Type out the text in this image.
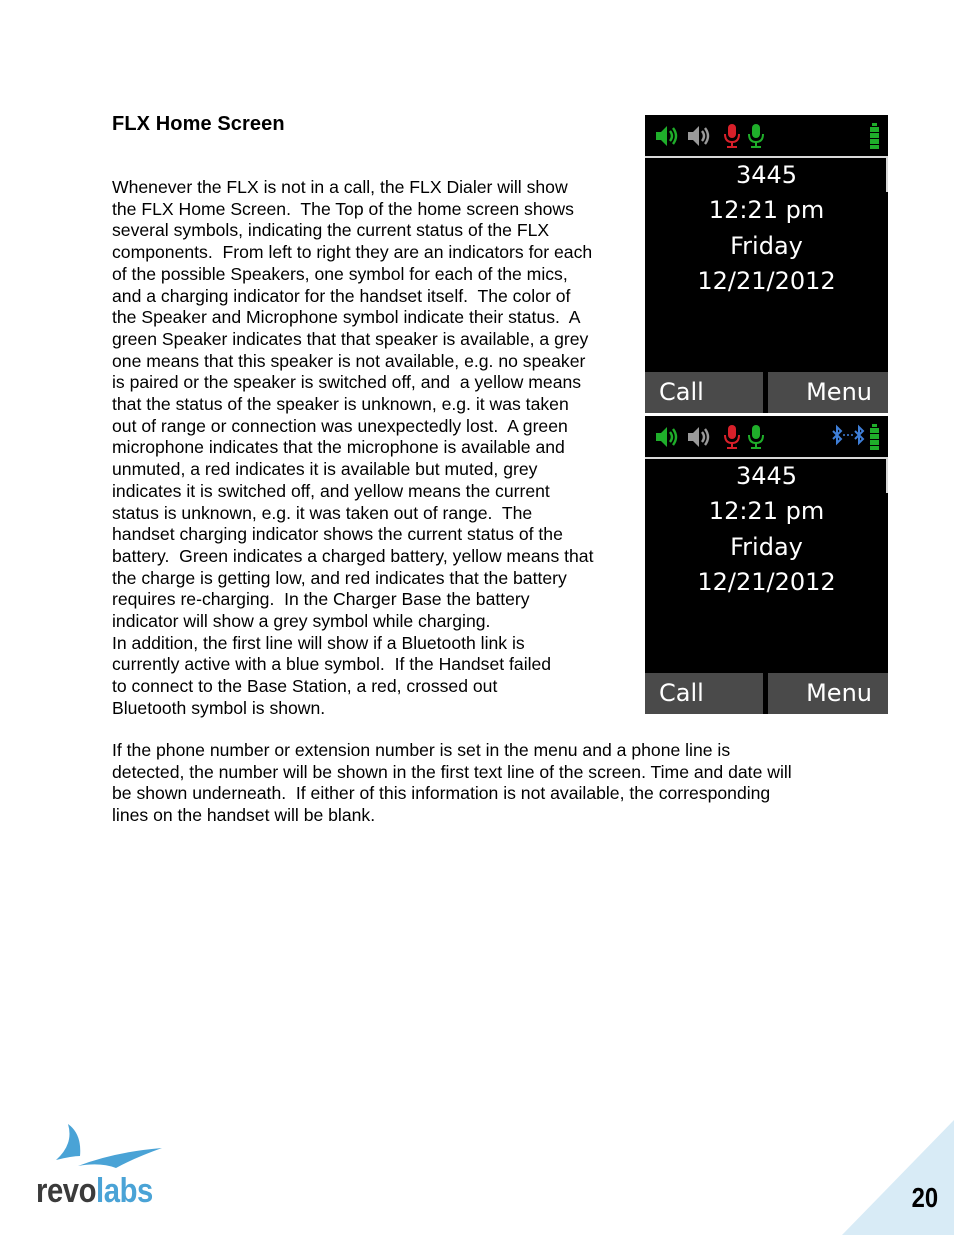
FLX Home Screen
Whenever the FLX is not in a call, the FLX Dialer will show
the FLX Home Screen.  The Top of the home screen shows
several symbols, indicating the current status of the FLX
components.  From left to right they are an indicators for each
of the possible Speakers, one symbol for each of the mics,
and a charging indicator for the handset itself.  The color of
the Speaker and Microphone symbol indicate their status.  A
green Speaker indicates that that speaker is available, a grey
one means that this speaker is not available, e.g. no speaker
is paired or the speaker is switched off, and  a yellow means
that the status of the speaker is unknown, e.g. it was taken
out of range or connection was unexpectedly lost.  A green
microphone indicates that the microphone is available and
unmuted, a red indicates it is available but muted, grey
indicates it is switched off, and yellow means the current
status is unknown, e.g. it was taken out of range.  The
handset charging indicator shows the current status of the
battery.  Green indicates a charged battery, yellow means that
the charge is getting low, and red indicates that the battery
requires re-charging.  In the Charger Base the battery
indicator will show a grey symbol while charging.
In addition, the first line will show if a Bluetooth link is
currently active with a blue symbol.  If the Handset failed
to connect to the Base Station, a red, crossed out
Bluetooth symbol is shown.
3445
12:21 pm
Friday
12/21/2012
Call	Menu
3445
12:21 pm
Friday
12/21/2012
Call	Menu
If the phone number or extension number is set in the menu and a phone line is
detected, the number will be shown in the first text line of the screen. Time and date will
be shown underneath.  If either of this information is not available, the corresponding
lines on the handset will be blank.
revolabs	20
